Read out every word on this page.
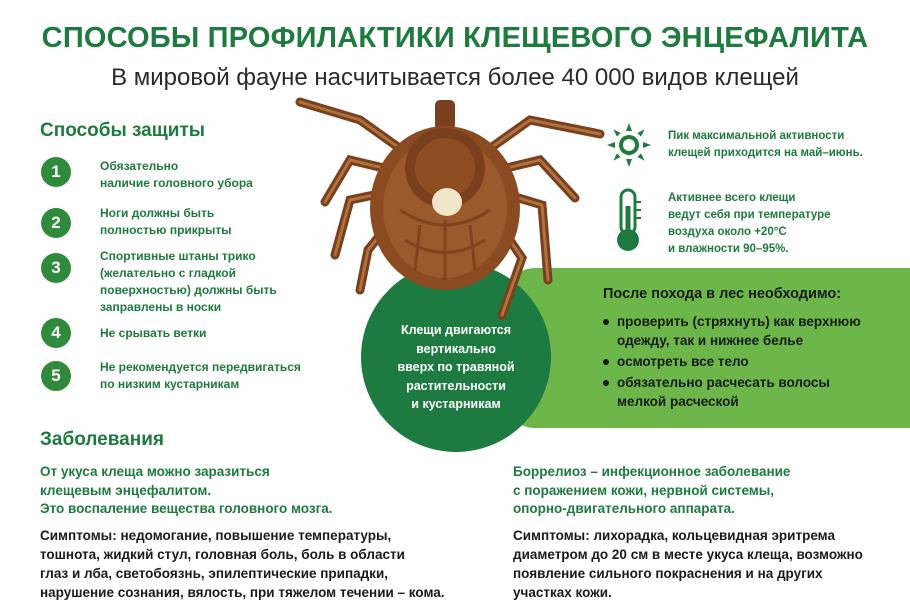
СПОСОБЫ ПРОФИЛАКТИКИ КЛЕЩЕВОГО ЭНЦЕФАЛИТА
В мировой фауне насчитывается более 40 000 видов клещей
Способы защиты
1	Обязательно
наличие головного убора
2	Ноги должны быть
полностью прикрыты
3
Спортивные штаны трико
(желательно с гладкой
поверхностью) должны быть
заправлены в носки
4	Не срывать ветки
5	Не рекомендуется передвигаться
по низким кустарникам
Пик максимальной активности
клещей приходится на май–июнь.
Активнее всего клещи
ведут себя при температуре
воздуха около +20°С
и влажности 90–95%.
После похода в лес необходимо:
проверить (стряхнуть) как верхнюю
одежду, так и нижнее белье
осмотреть все тело
обязательно расчесать волосы
мелкой расческой
Клещи двигаются
вертикально
вверх по травяной
растительности
и кустарникам
Заболевания
От укуса клеща можно заразиться
клещевым энцефалитом.
Это воспаление вещества головного мозга.
Симптомы: недомогание, повышение температуры,
тошнота, жидкий стул, головная боль, боль в области
глаз и лба, светобоязнь, эпилептические припадки,
нарушение сознания, вялость, при тяжелом течении – кома.
Боррелиоз – инфекционное заболевание
с поражением кожи, нервной системы,
опорно-двигательного аппарата.
Симптомы: лихорадка, кольцевидная эритрема
диаметром до 20 см в месте укуса клеща, возможно
появление сильного покраснения и на других
участках кожи.
